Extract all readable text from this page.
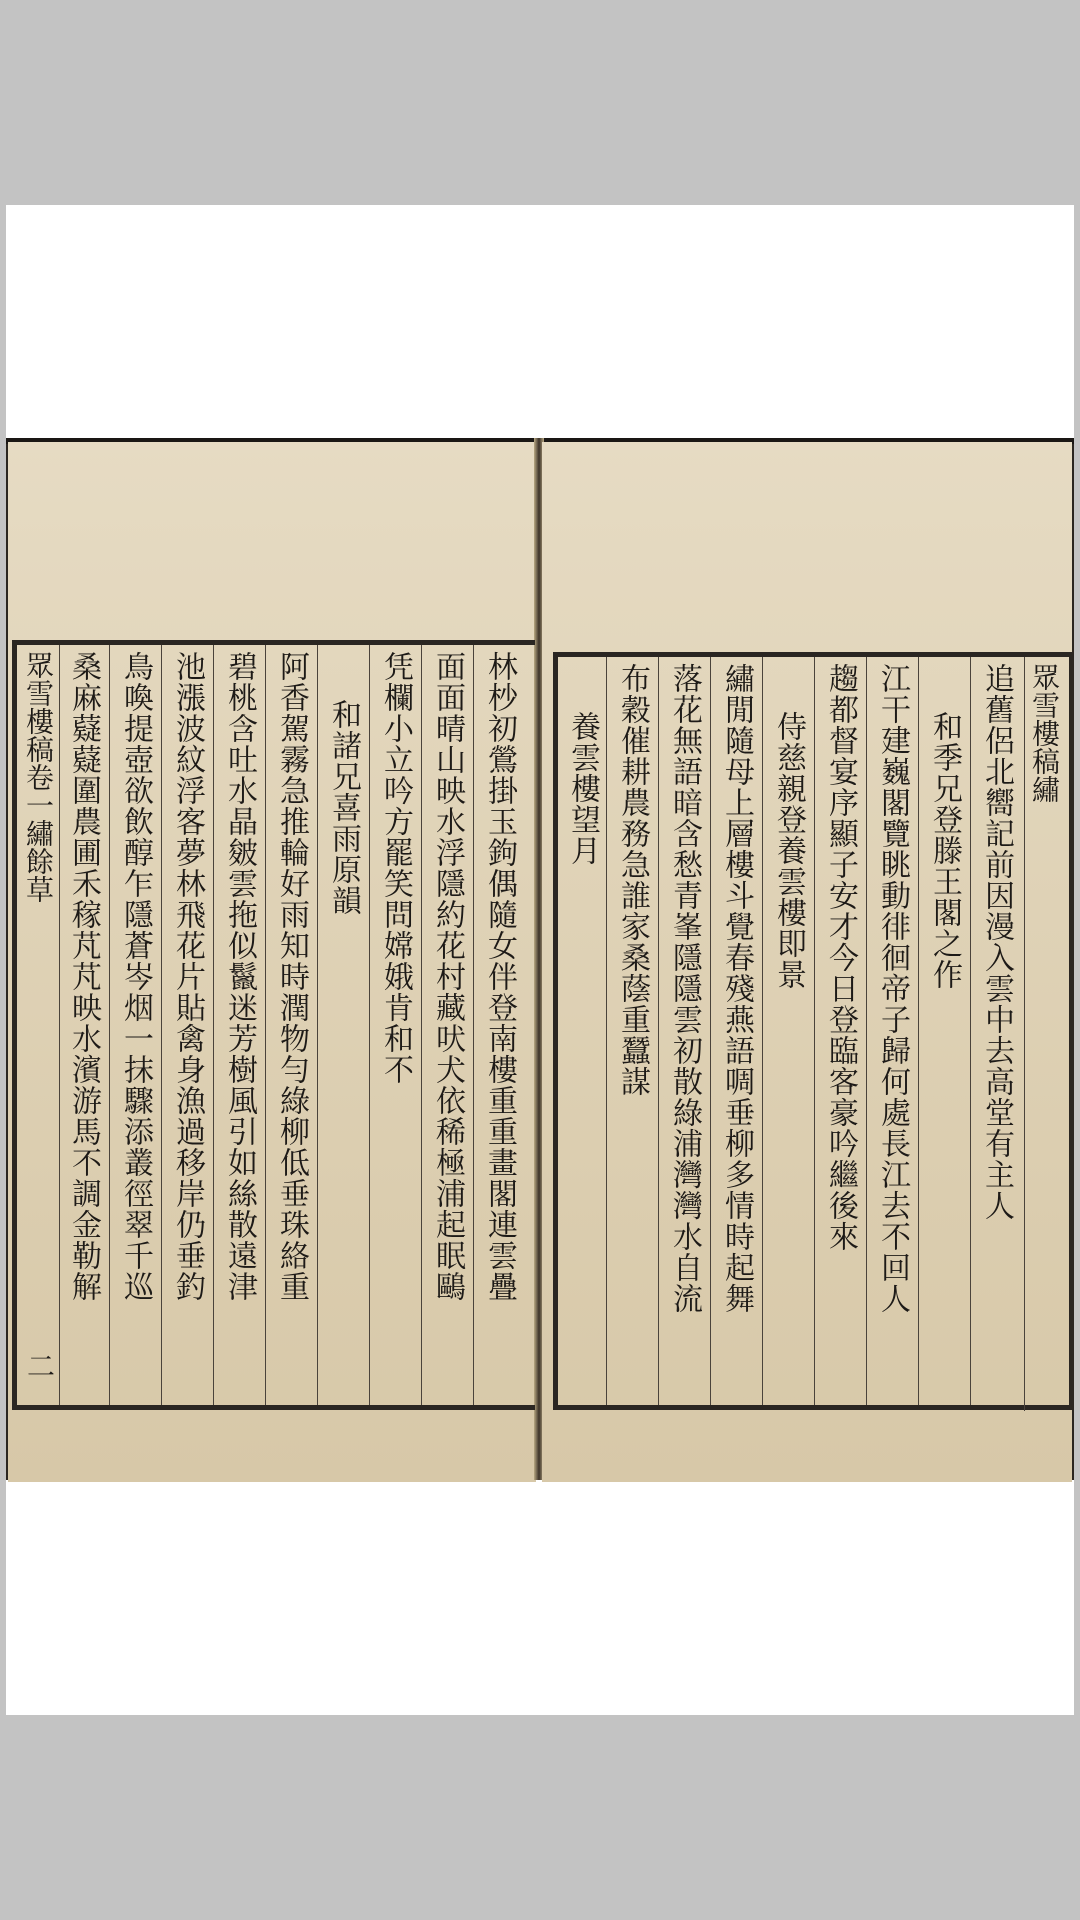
林杪初鶯掛玉鉤偶隨女伴登南樓重重畫閣連雲疊
面面晴山映水浮隱約花村藏吠犬依稀極浦起眠鷗
凭欄小立吟方罷笑問嫦娥肯和不
和諸兄喜雨原韻
阿香駕霧急推輪好雨知時潤物勻綠柳低垂珠絡重
碧桃含吐水晶皴雲拖似鬣迷芳樹風引如絲散遠津
池漲波紋浮客夢林飛花片貼禽身漁過移岸仍垂釣
鳥喚提壺欲飲醇乍隱蒼岑烟一抹驟添叢徑翠千巡
桑麻薿薿圍農圃禾稼芃芃映水濱游馬不調金勒解
眾雪樓稿卷一繡餘草
二
眾雪樓稿繡
追舊侶北嚮記前因漫入雲中去高堂有主人
和季兄登滕王閣之作
江干建巍閣覽眺動徘徊帝子歸何處長江去不回人
趨都督宴序顯子安才今日登臨客豪吟繼後來
侍慈親登養雲樓即景
繡閒隨母上層樓斗覺春殘燕語啁垂柳多情時起舞
落花無語暗含愁青峯隱隱雲初散綠浦灣灣水自流
布穀催耕農務急誰家桑蔭重蠶謀
養雲樓望月
